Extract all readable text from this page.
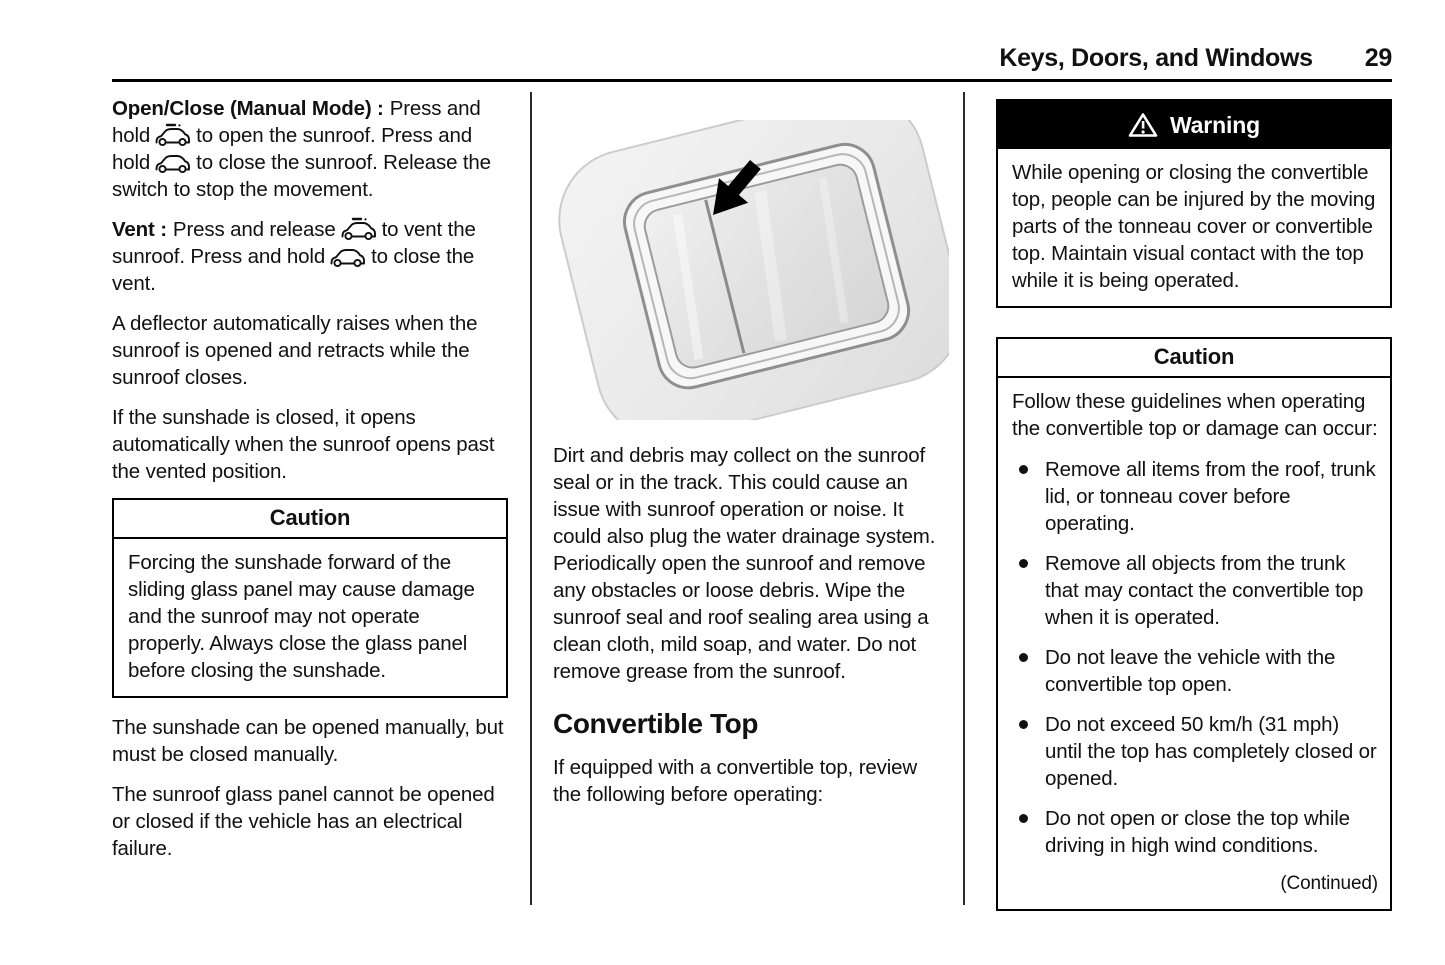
Keys, Doors, and Windows 29

Open/Close (Manual Mode) : Press and hold to open the sunroof. Press and hold to close the sunroof. Release the switch to stop the movement.

Vent : Press and release to vent the sunroof. Press and hold to close the vent.

A deflector automatically raises when the sunroof is opened and retracts while the sunroof closes.

If the sunshade is closed, it opens automatically when the sunroof opens past the vented position.

Caution

Forcing the sunshade forward of the sliding glass panel may cause damage and the sunroof may not operate properly. Always close the glass panel before closing the sunshade.

The sunshade can be opened manually, but must be closed manually.

The sunroof glass panel cannot be opened or closed if the vehicle has an electrical failure.

Dirt and debris may collect on the sunroof seal or in the track. This could cause an issue with sunroof operation or noise. It could also plug the water drainage system. Periodically open the sunroof and remove any obstacles or loose debris. Wipe the sunroof seal and roof sealing area using a clean cloth, mild soap, and water. Do not remove grease from the sunroof.

Convertible Top

If equipped with a convertible top, review the following before operating:

Warning

While opening or closing the convertible top, people can be injured by the moving parts of the tonneau cover or convertible top. Maintain visual contact with the top while it is being operated.

Caution

Follow these guidelines when operating the convertible top or damage can occur:

Remove all items from the roof, trunk lid, or tonneau cover before operating.
Remove all objects from the trunk that may contact the convertible top when it is operated.
Do not leave the vehicle with the convertible top open.
Do not exceed 50 km/h (31 mph) until the top has completely closed or opened.
Do not open or close the top while driving in high wind conditions.
(Continued)
